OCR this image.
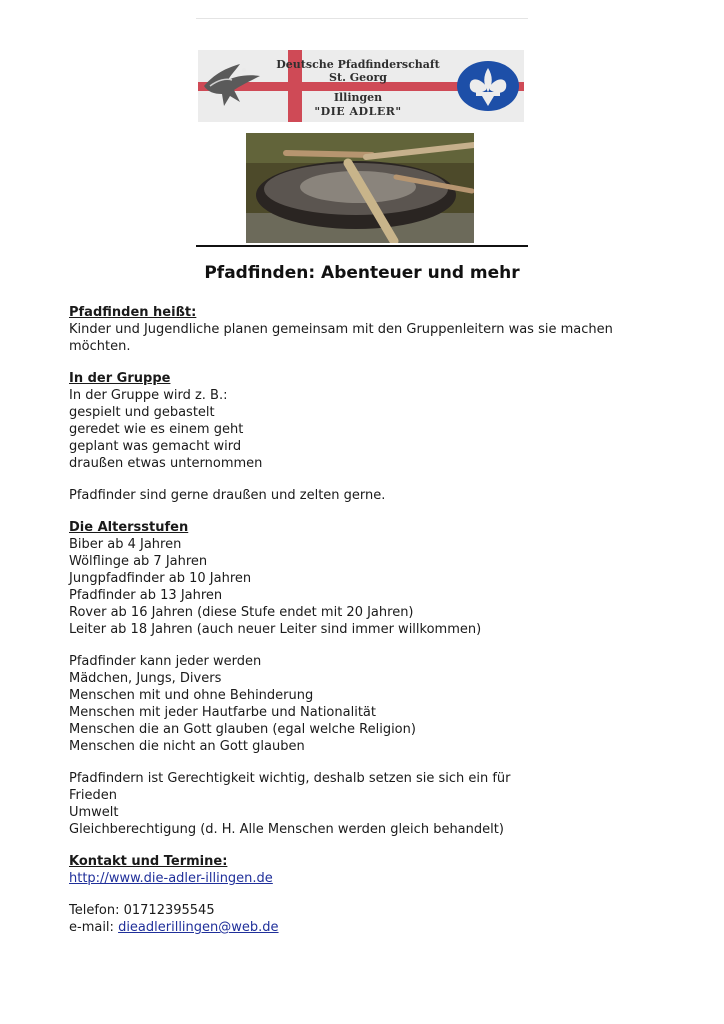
Deutsche Pfadfinderschaft
St. Georg
Illingen
"DIE ADLER"
Pfadfinden: Abenteuer und mehr
Pfadfinden heißt:
Kinder und Jugendliche planen gemeinsam mit den Gruppenleitern was sie machen möchten.
In der Gruppe
In der Gruppe wird z. B.:
gespielt und gebastelt
geredet wie es einem geht
geplant was gemacht wird
draußen etwas unternommen
Pfadfinder sind gerne draußen und zelten gerne.
Die Altersstufen
Biber ab 4 Jahren
Wölflinge ab 7 Jahren
Jungpfadfinder ab 10 Jahren
Pfadfinder ab 13 Jahren
Rover ab 16 Jahren (diese Stufe endet mit 20 Jahren)
Leiter ab 18 Jahren (auch neuer Leiter sind immer willkommen)
Pfadfinder kann jeder werden
Mädchen, Jungs, Divers
Menschen mit und ohne Behinderung
Menschen mit jeder Hautfarbe und Nationalität
Menschen die an Gott glauben (egal welche Religion)
Menschen die nicht an Gott glauben
Pfadfindern ist Gerechtigkeit wichtig, deshalb setzen sie sich ein für
Frieden
Umwelt
Gleichberechtigung (d. H. Alle Menschen werden gleich behandelt)
Kontakt und Termine:
http://www.die-adler-illingen.de
Telefon: 01712395545
e-mail: dieadlerillingen@web.de
